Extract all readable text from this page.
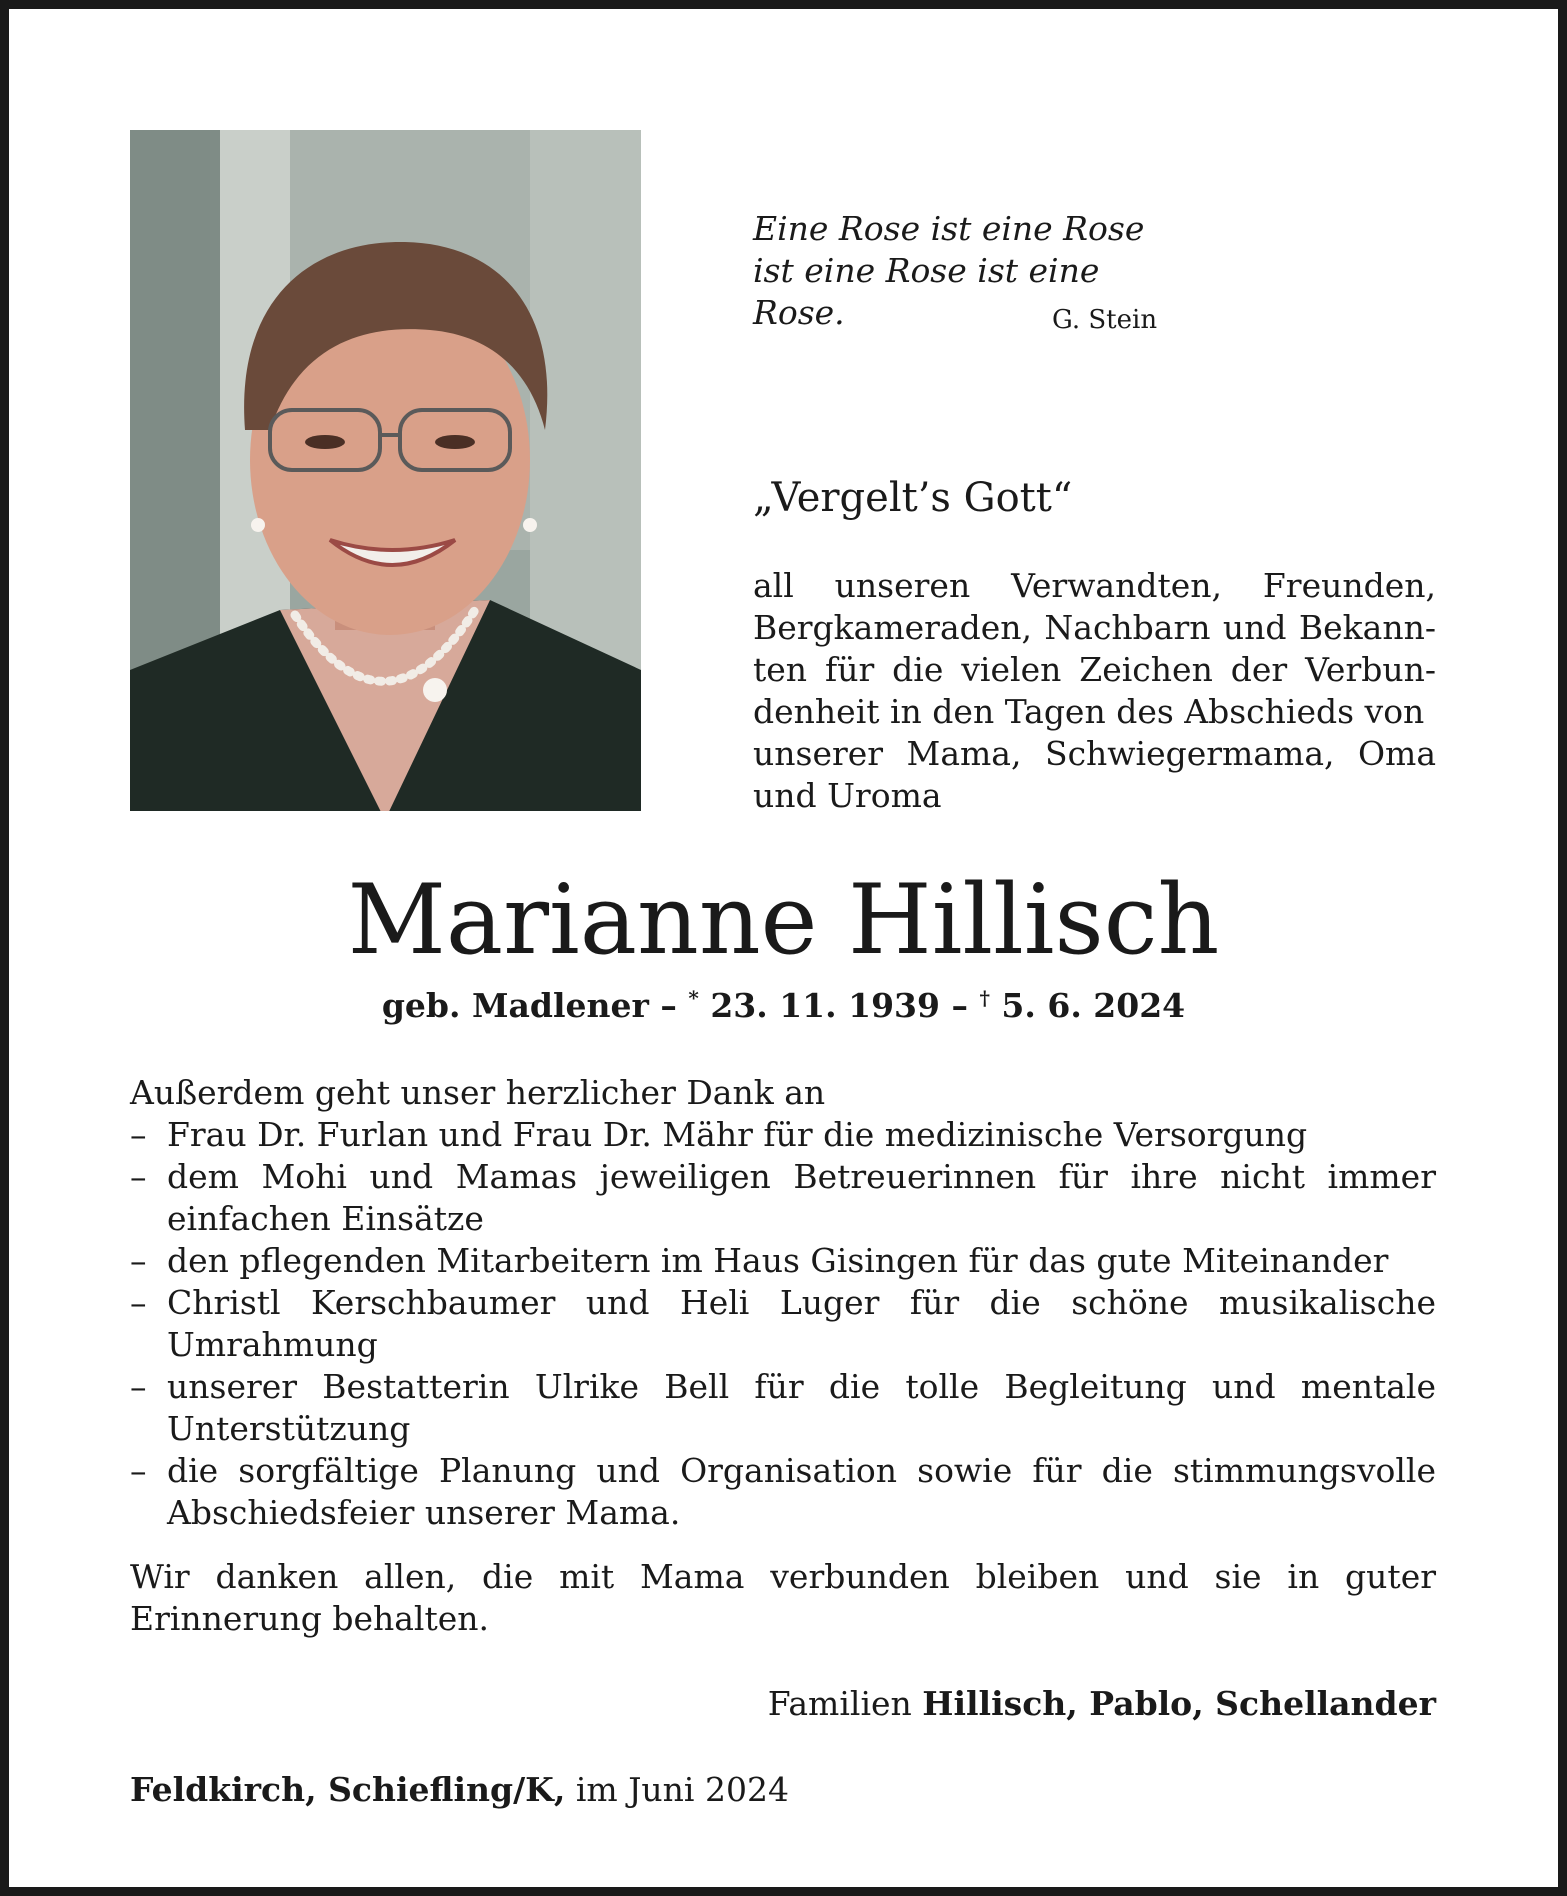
Eine Rose ist eine Rose
ist eine Rose ist eine Rose.	G. Stein
„Vergelt’s Gott“
all unseren Verwandten, Freunden,
Bergkameraden, Nachbarn und Bekann-
ten für die vielen Zeichen der Verbun-
denheit in den Tagen des Abschieds von
unserer Mama, Schwiegermama, Oma
und Uroma
Marianne Hillisch
geb. Madlener – * 23. 11. 1939 – † 5. 6. 2024
Außerdem geht unser herzlicher Dank an
– Frau Dr. Furlan und Frau Dr. Mähr für die medizinische Versorgung
– dem Mohi und Mamas jeweiligen Betreuerinnen für ihre nicht immer einfachen Einsätze
– den pflegenden Mitarbeitern im Haus Gisingen für das gute Miteinander
– Christl Kerschbaumer und Heli Luger für die schöne musikalische Umrahmung
– unserer Bestatterin Ulrike Bell für die tolle Begleitung und mentale Unterstützung
– die sorgfältige Planung und Organisation sowie für die stimmungsvolle Abschiedsfeier unserer Mama.
Wir danken allen, die mit Mama verbunden bleiben und sie in guter Erinnerung behalten.
Familien Hillisch, Pablo, Schellander
Feldkirch, Schiefling/K, im Juni 2024
